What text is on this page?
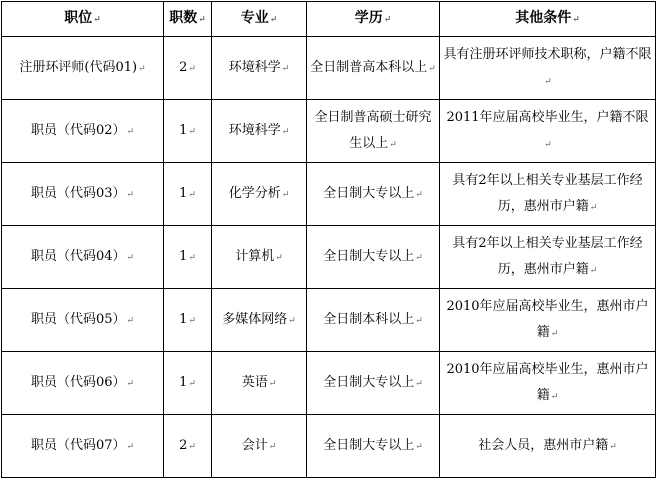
职位↵	职数↵	专业↵	学历↵	其他条件↵
注册环评师(代码01)↵	2↵	环境科学↵	全日制普高本科以上↵	具有注册环评师技术职称，户籍不限↵
职员（代码02）↵	1↵	环境科学↵	全日制普高硕士研究生以上↵	2011年应届高校毕业生，户籍不限↵
职员（代码03）↵	1↵	化学分析↵	全日制大专以上↵	具有2年以上相关专业基层工作经历，惠州市户籍↵
职员（代码04）↵	1↵	计算机↵	全日制大专以上↵	具有2年以上相关专业基层工作经历，惠州市户籍↵
职员（代码05）↵	1↵	多媒体网络↵	全日制本科以上↵	2010年应届高校毕业生，惠州市户籍↵
职员（代码06）↵	1↵	英语↵	全日制大专以上↵	2010年应届高校毕业生，惠州市户籍↵
职员（代码07）↵	2↵	会计↵	全日制大专以上↵	社会人员，惠州市户籍↵
